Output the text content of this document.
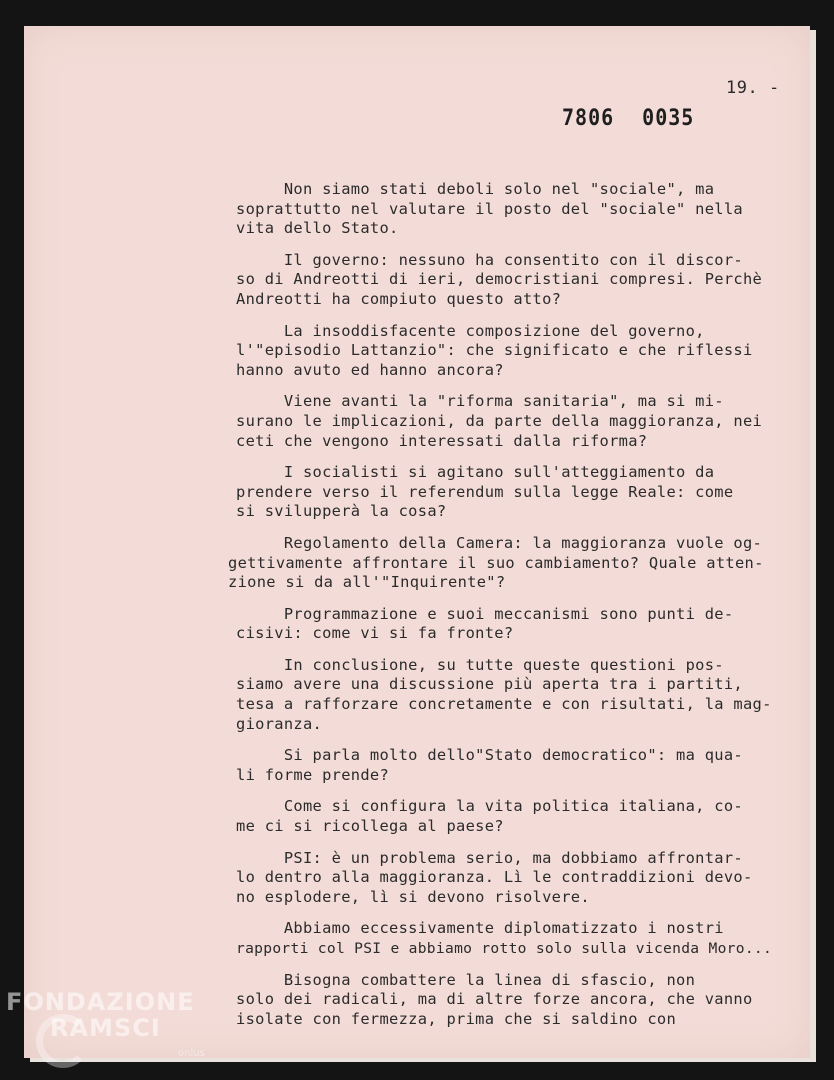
19. -

7806 0035

Non siamo stati deboli solo nel "sociale", ma
soprattutto nel valutare il posto del "sociale" nella
vita dello Stato.

Il governo: nessuno ha consentito con il discor-
so di Andreotti di ieri, democristiani compresi. Perchè
Andreotti ha compiuto questo atto?

La insoddisfacente composizione del governo,
l'"episodio Lattanzio": che significato e che riflessi
hanno avuto ed hanno ancora?

Viene avanti la "riforma sanitaria", ma si mi-
surano le implicazioni, da parte della maggioranza, nei
ceti che vengono interessati dalla riforma?

I socialisti si agitano sull'atteggiamento da
prendere verso il referendum sulla legge Reale: come
si svilupperà la cosa?

Regolamento della Camera: la maggioranza vuole og-
gettivamente affrontare il suo cambiamento? Quale atten-
zione si da all'"Inquirente"?

Programmazione e suoi meccanismi sono punti de-
cisivi: come vi si fa fronte?

In conclusione, su tutte queste questioni pos-
siamo avere una discussione più aperta tra i partiti,
tesa a rafforzare concretamente e con risultati, la mag-
gioranza.

Si parla molto dello"Stato democratico": ma qua-
li forme prende?

Come si configura la vita politica italiana, co-
me ci si ricollega al paese?

PSI: è un problema serio, ma dobbiamo affrontar-
lo dentro alla maggioranza. Lì le contraddizioni devo-
no esplodere, lì si devono risolvere.

Abbiamo eccessivamente diplomatizzato i nostri
rapporti col PSI e abbiamo rotto solo sulla vicenda Moro...

Bisogna combattere la linea di sfascio, non
solo dei radicali, ma di altre forze ancora, che vanno
isolate con fermezza, prima che si saldino con

FONDAZIONE
RAMSCI
onlus
